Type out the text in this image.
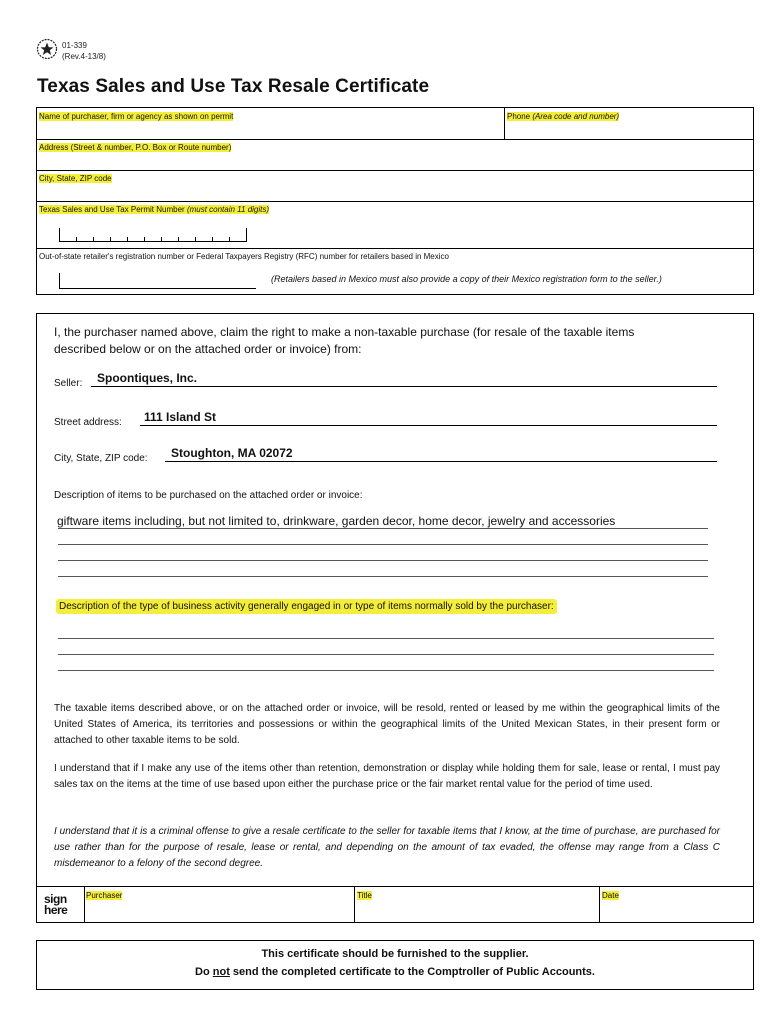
01-339
(Rev.4-13/8)
Texas Sales and Use Tax Resale Certificate
Name of purchaser, firm or agency as shown on permit	Phone (Area code and number)
Address (Street & number, P.O. Box or Route number)
City, State, ZIP code
Texas Sales and Use Tax Permit Number (must contain 11 digits)
Out-of-state retailer's registration number or Federal Taxpayers Registry (RFC) number for retailers based in Mexico
(Retailers based in Mexico must also provide a copy of their Mexico registration form to the seller.)
I, the purchaser named above, claim the right to make a non-taxable purchase (for resale of the taxable items described below or on the attached order or invoice) from:
Seller: Spoontiques, Inc.
Street address: 111 Island St
City, State, ZIP code: Stoughton, MA 02072
Description of items to be purchased on the attached order or invoice:
giftware items including, but not limited to, drinkware, garden decor, home decor, jewelry and accessories
Description of the type of business activity generally engaged in or type of items normally sold by the purchaser:
The taxable items described above, or on the attached order or invoice, will be resold, rented or leased by me within the geographical limits of the United States of America, its territories and possessions or within the geographical limits of the United Mexican States, in their present form or attached to other taxable items to be sold.
I understand that if I make any use of the items other than retention, demonstration or display while holding them for sale, lease or rental, I must pay sales tax on the items at the time of use based upon either the purchase price or the fair market rental value for the period of time used.
I understand that it is a criminal offense to give a resale certificate to the seller for taxable items that I know, at the time of purchase, are purchased for use rather than for the purpose of resale, lease or rental, and depending on the amount of tax evaded, the offense may range from a Class C misdemeanor to a felony of the second degree.
sign
here
Purchaser	Title	Date
This certificate should be furnished to the supplier.
Do not send the completed certificate to the Comptroller of Public Accounts.
